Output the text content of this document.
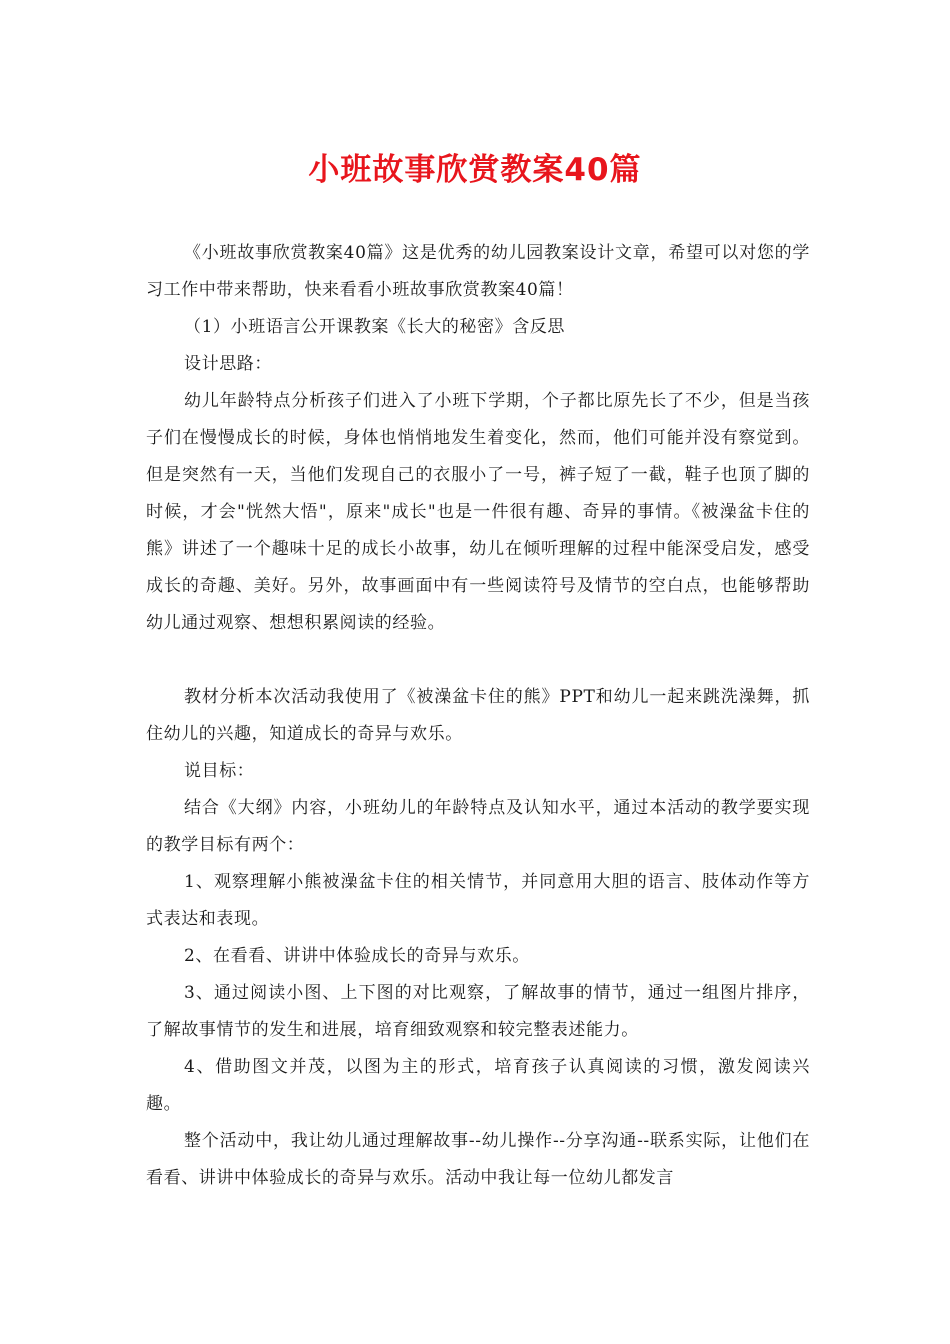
小班故事欣赏教案40篇

《小班故事欣赏教案40篇》这是优秀的幼儿园教案设计文章，希望可以对您的学习工作中带来帮助，快来看看小班故事欣赏教案40篇！

（1）小班语言公开课教案《长大的秘密》含反思

设计思路：

幼儿年龄特点分析孩子们进入了小班下学期，个子都比原先长了不少，但是当孩子们在慢慢成长的时候，身体也悄悄地发生着变化，然而，他们可能并没有察觉到。但是突然有一天，当他们发现自己的衣服小了一号，裤子短了一截，鞋子也顶了脚的时候，才会"恍然大悟"，原来"成长"也是一件很有趣、奇异的事情。《被澡盆卡住的熊》讲述了一个趣味十足的成长小故事，幼儿在倾听理解的过程中能深受启发，感受成长的奇趣、美好。另外，故事画面中有一些阅读符号及情节的空白点，也能够帮助幼儿通过观察、想想积累阅读的经验。

教材分析本次活动我使用了《被澡盆卡住的熊》PPT和幼儿一起来跳洗澡舞，抓住幼儿的兴趣，知道成长的奇异与欢乐。

说目标：

结合《大纲》内容，小班幼儿的年龄特点及认知水平，通过本活动的教学要实现的教学目标有两个：

1、观察理解小熊被澡盆卡住的相关情节，并同意用大胆的语言、肢体动作等方式表达和表现。

2、在看看、讲讲中体验成长的奇异与欢乐。

3、通过阅读小图、上下图的对比观察，了解故事的情节，通过一组图片排序，了解故事情节的发生和进展，培育细致观察和较完整表述能力。

4、借助图文并茂，以图为主的形式，培育孩子认真阅读的习惯，激发阅读兴趣。

整个活动中，我让幼儿通过理解故事--幼儿操作--分享沟通--联系实际，让他们在看看、讲讲中体验成长的奇异与欢乐。活动中我让每一位幼儿都发言
